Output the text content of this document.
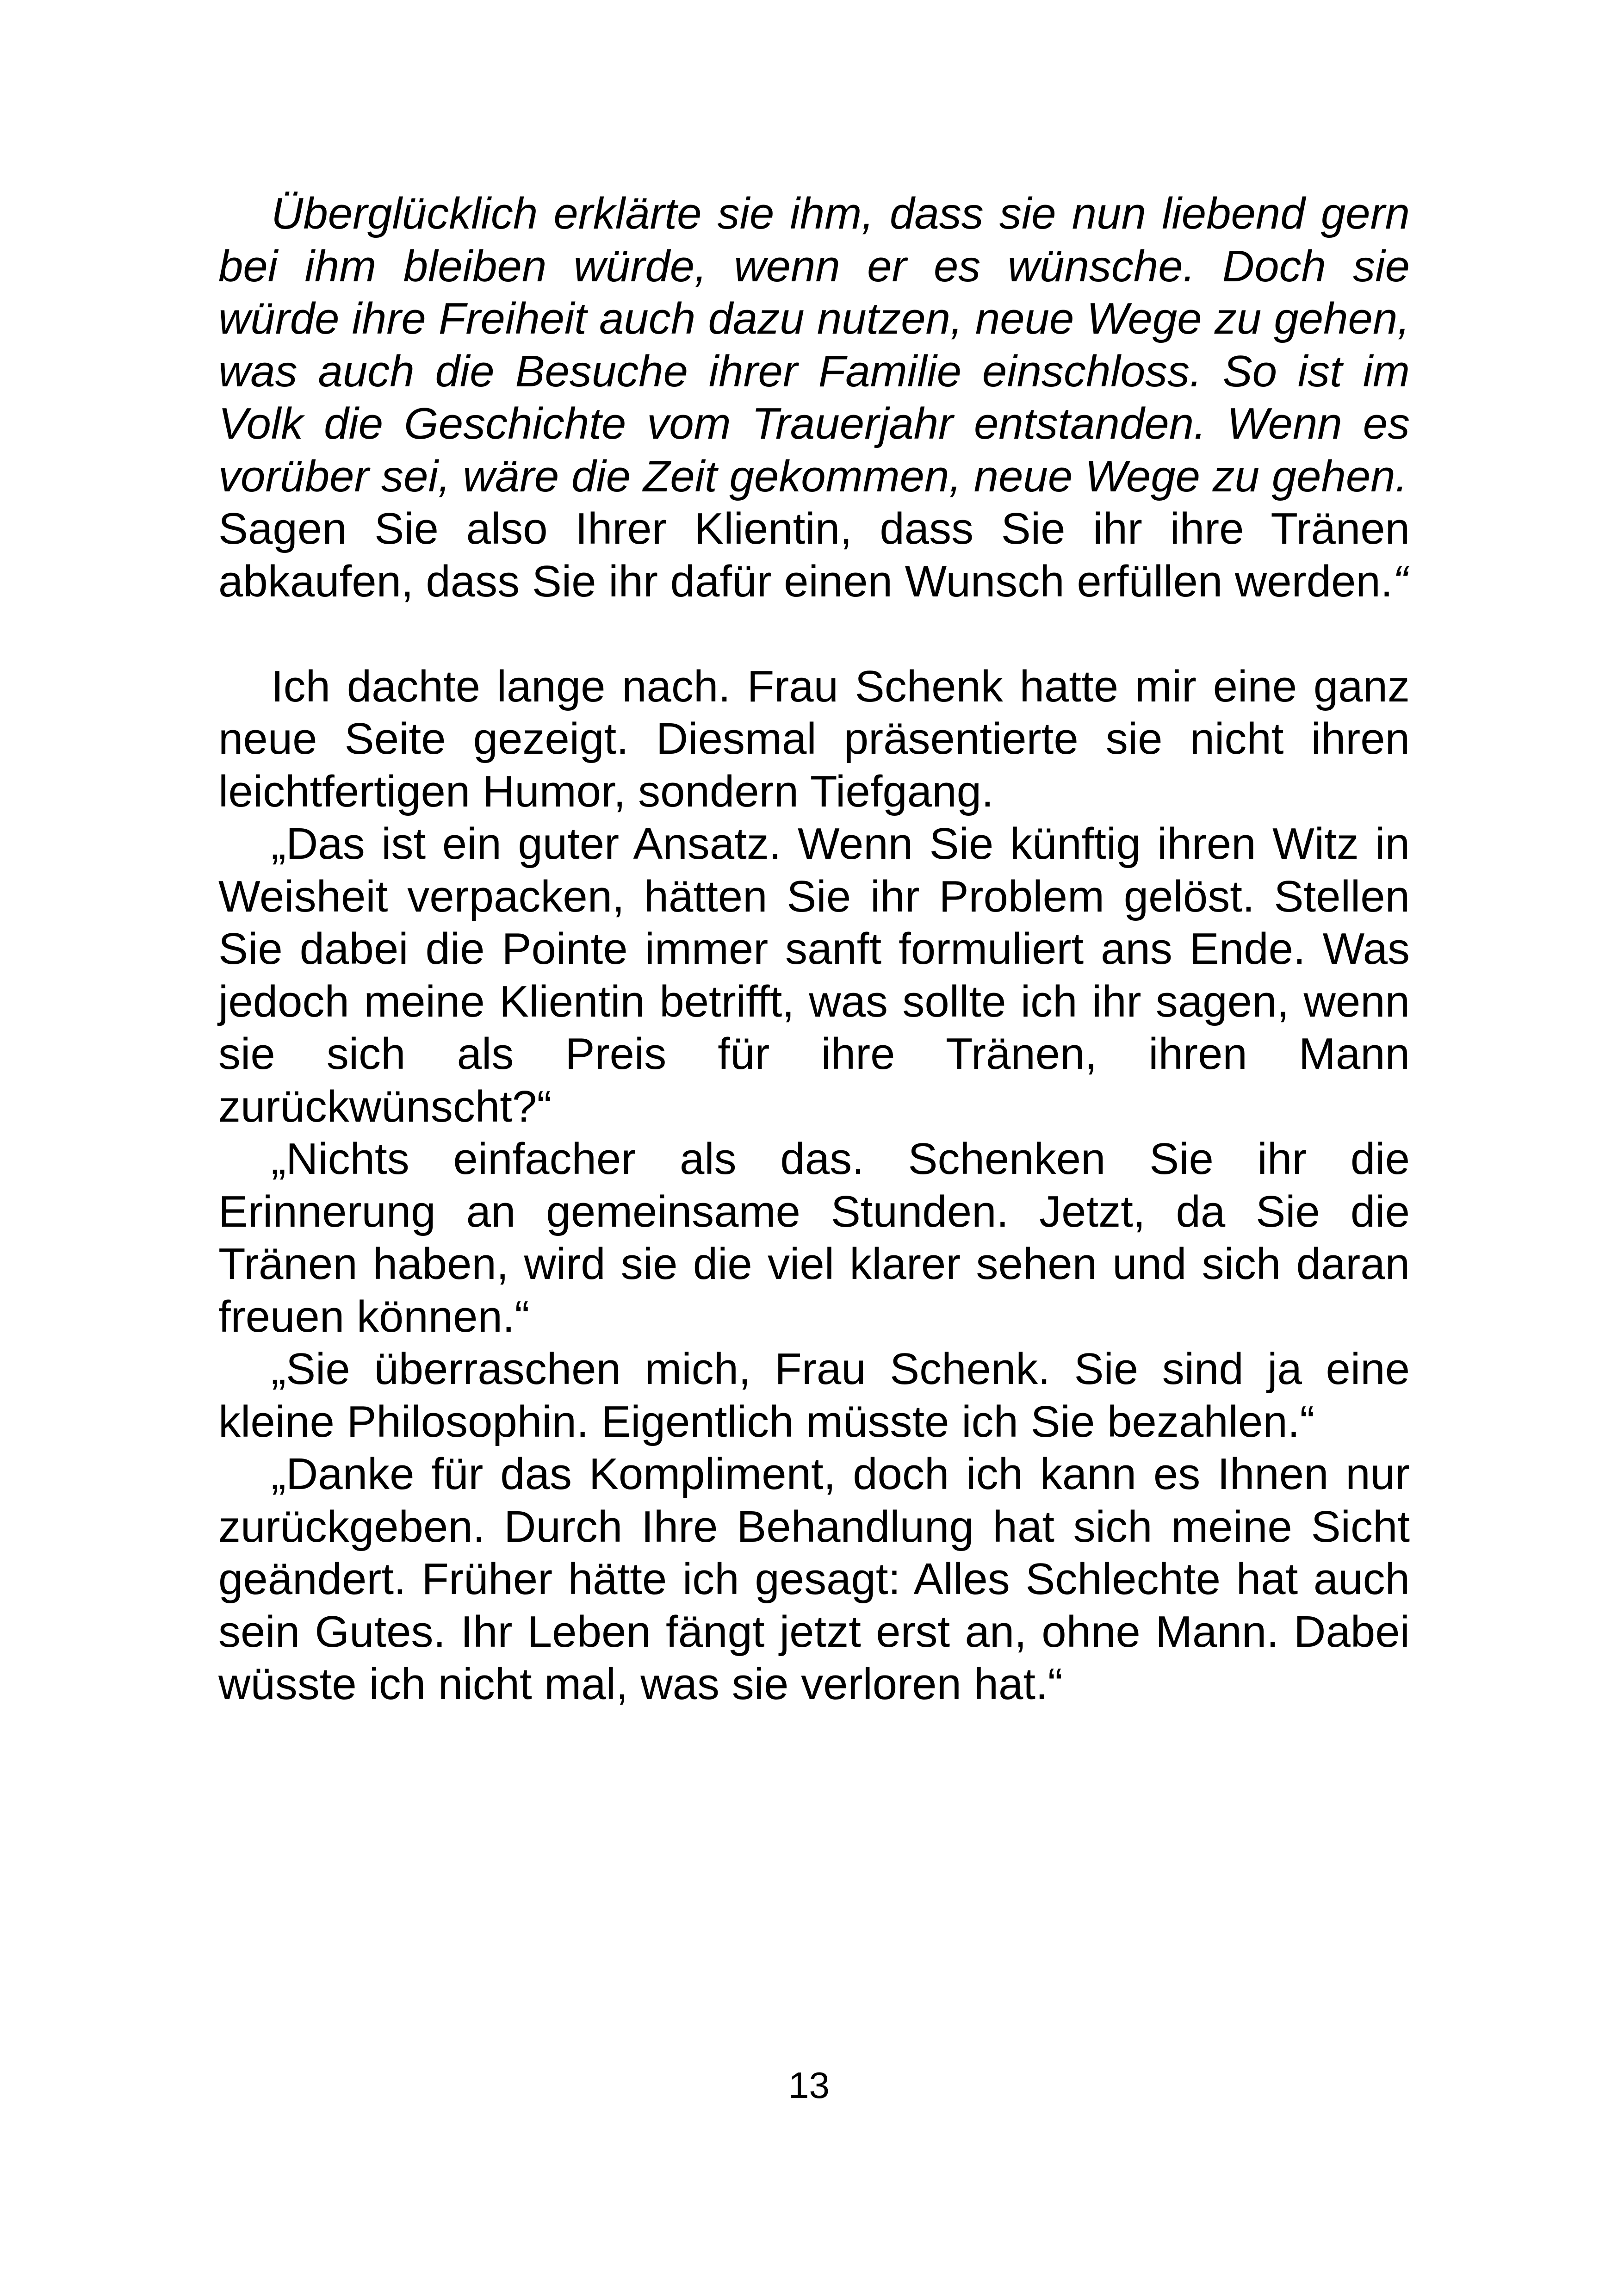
Überglücklich erklärte sie ihm, dass sie nun liebend gern bei ihm bleiben würde, wenn er es wünsche. Doch sie würde ihre Freiheit auch dazu nutzen, neue Wege zu gehen, was auch die Besuche ihrer Familie einschloss. So ist im Volk die Geschichte vom Trauerjahr entstanden. Wenn es vorüber sei, wäre die Zeit gekommen, neue Wege zu gehen.

Sagen Sie also Ihrer Klientin, dass Sie ihr ihre Tränen abkaufen, dass Sie ihr dafür einen Wunsch erfüllen werden.“

Ich dachte lange nach. Frau Schenk hatte mir eine ganz neue Seite gezeigt. Diesmal präsentierte sie nicht ihren leichtfertigen Humor, sondern Tiefgang.

„Das ist ein guter Ansatz. Wenn Sie künftig ihren Witz in Weisheit verpacken, hätten Sie ihr Problem gelöst. Stellen Sie dabei die Pointe immer sanft formuliert ans Ende. Was jedoch meine Klientin betrifft, was sollte ich ihr sagen, wenn sie sich als Preis für ihre Tränen, ihren Mann zurückwünscht?“

„Nichts einfacher als das. Schenken Sie ihr die Erinnerung an gemeinsame Stunden. Jetzt, da Sie die Tränen haben, wird sie die viel klarer sehen und sich daran freuen können.“

„Sie überraschen mich, Frau Schenk. Sie sind ja eine kleine Philosophin. Eigentlich müsste ich Sie bezahlen.“

„Danke für das Kompliment, doch ich kann es Ihnen nur zurückgeben. Durch Ihre Behandlung hat sich meine Sicht geändert. Früher hätte ich gesagt: Alles Schlechte hat auch sein Gutes. Ihr Leben fängt jetzt erst an, ohne Mann. Dabei wüsste ich nicht mal, was sie verloren hat.“

13
